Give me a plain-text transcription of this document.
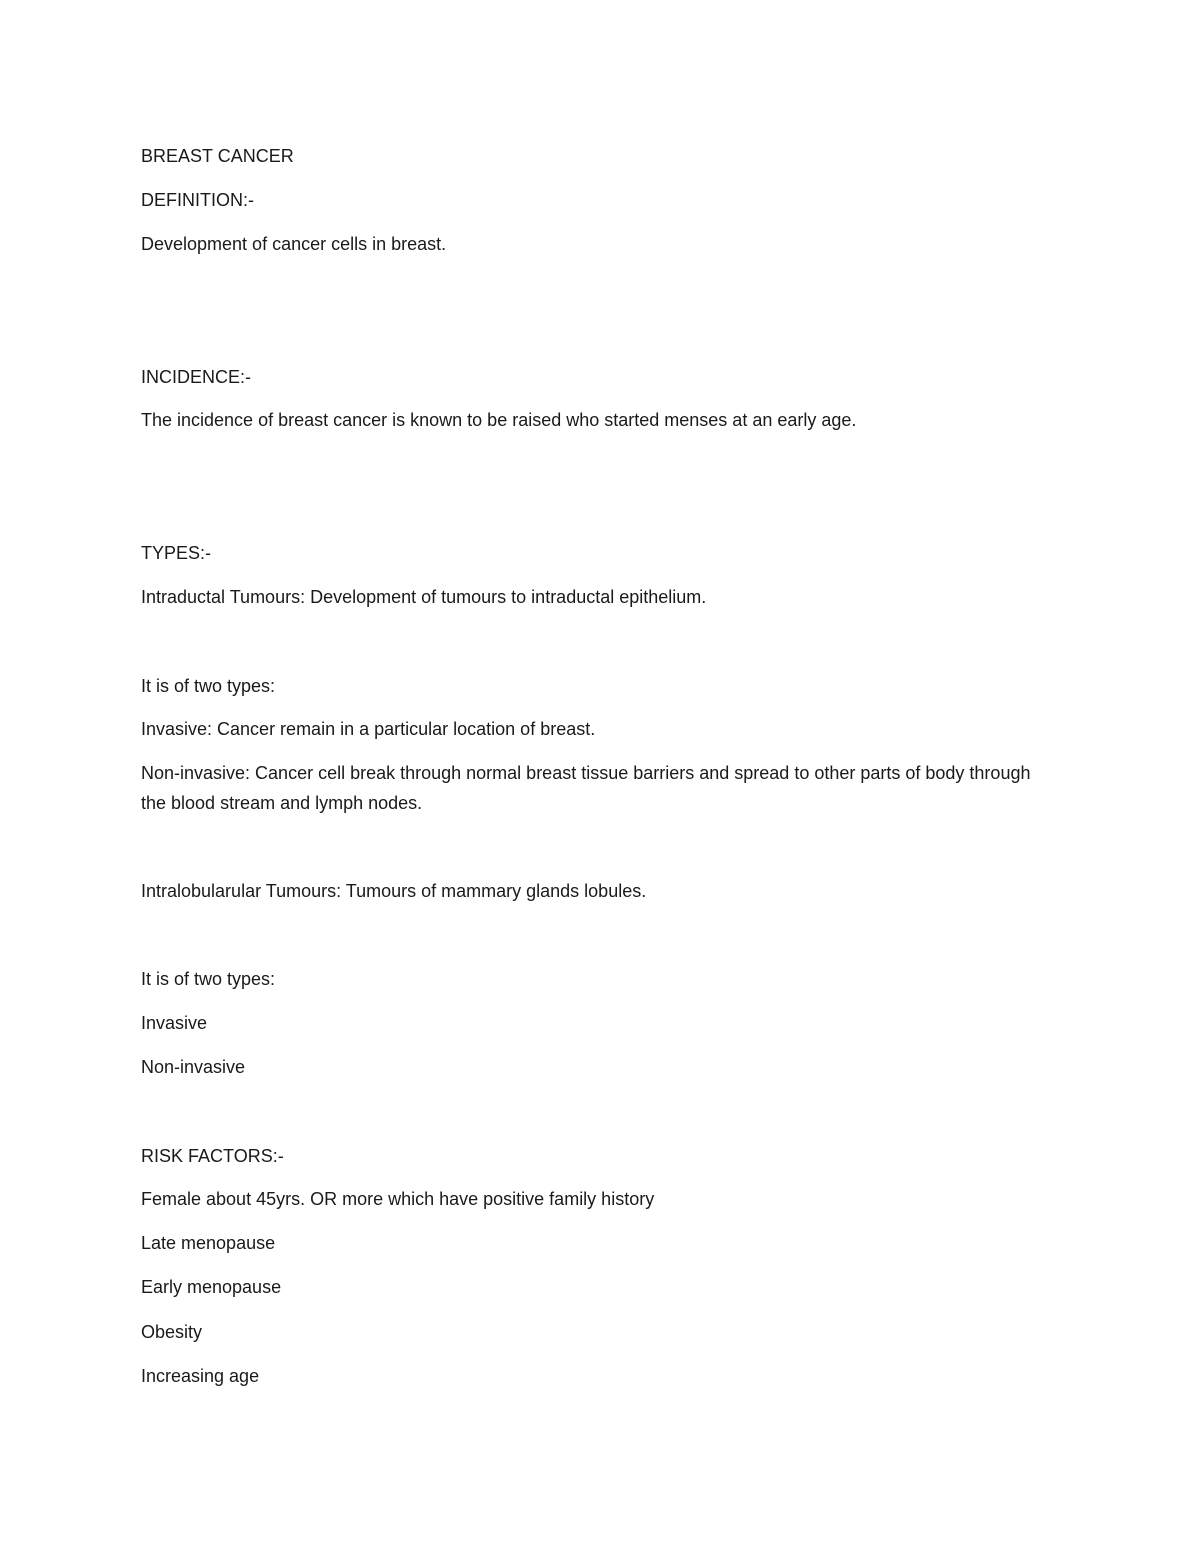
BREAST CANCER
DEFINITION:-
Development of cancer cells in breast.
INCIDENCE:-
The incidence of breast cancer is known to be raised who started menses at an early age.
TYPES:-
Intraductal Tumours: Development of tumours to intraductal epithelium.
It is of two types:
Invasive: Cancer remain in a particular location of breast.
Non-invasive: Cancer cell break through normal breast tissue barriers and spread to other parts of body through the blood stream and lymph nodes.
Intralobularular Tumours: Tumours of mammary glands lobules.
It is of two types:
Invasive
Non-invasive
RISK FACTORS:-
Female about 45yrs. OR more which have positive family history
Late menopause
Early menopause
Obesity
Increasing age
